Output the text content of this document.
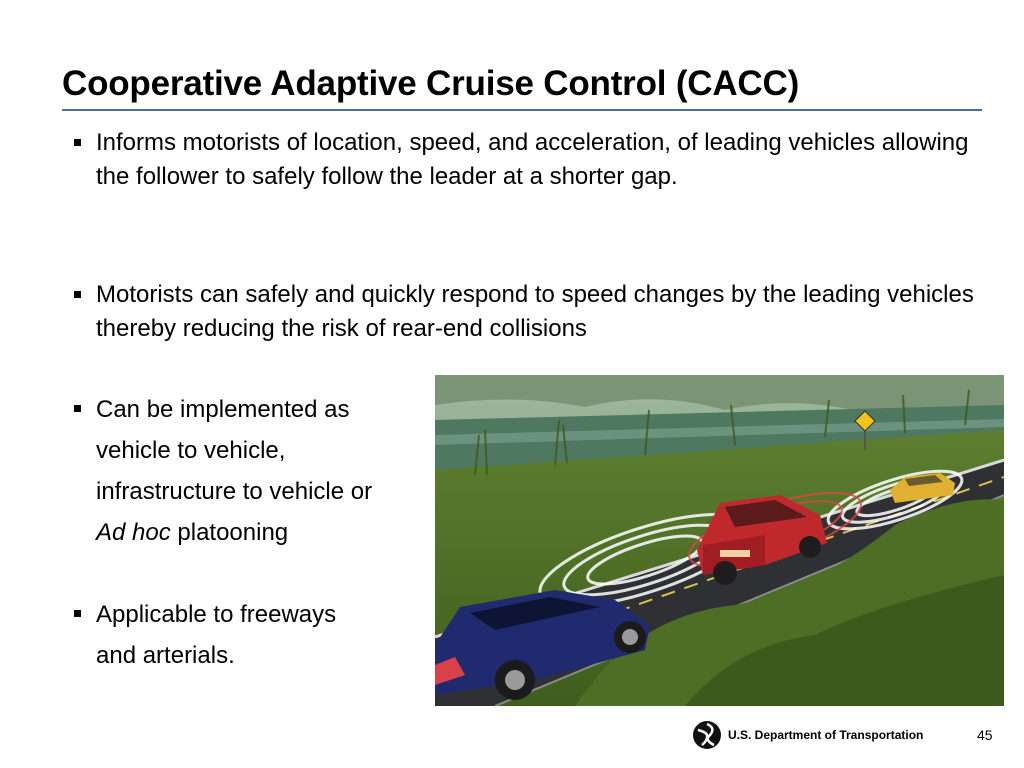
Cooperative Adaptive Cruise Control (CACC)
Informs motorists of location, speed, and acceleration, of leading vehicles allowing the follower to safely follow the leader at a shorter gap.
Motorists can safely and quickly respond to speed changes by the leading vehicles thereby reducing the risk of rear-end collisions
Can be implemented as
vehicle to vehicle,
infrastructure to vehicle or
Ad hoc platooning
Applicable to freeways
and arterials.
U.S. Department of Transportation	45
